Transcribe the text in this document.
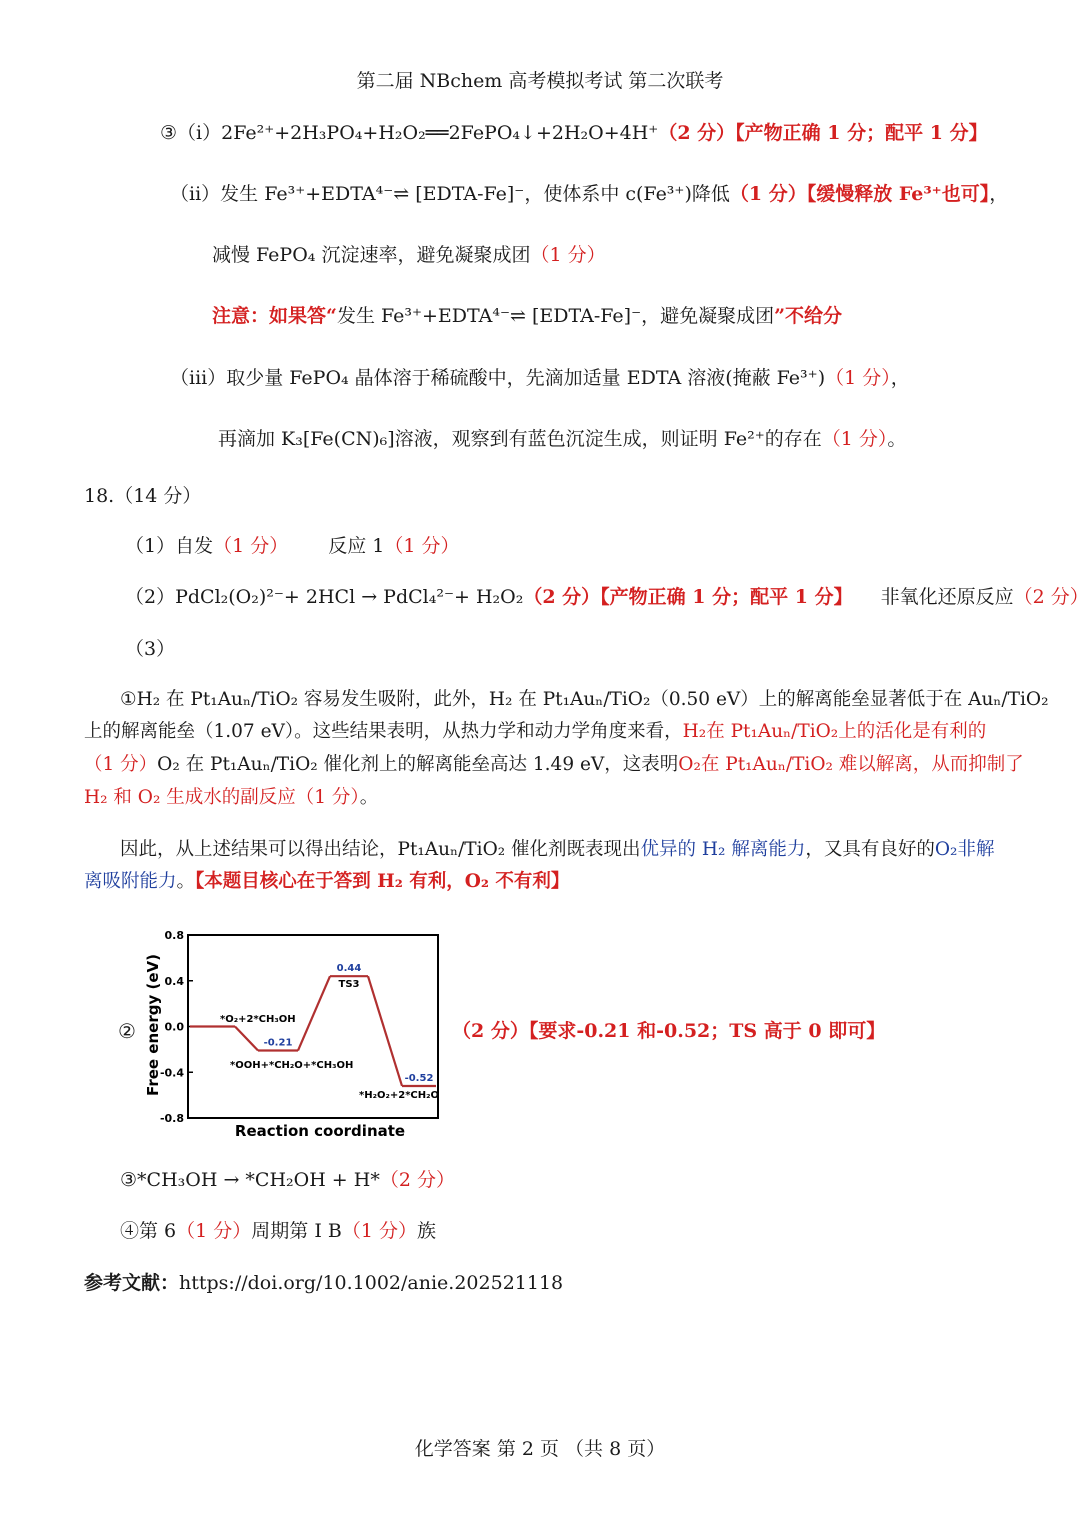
第二届 NBchem 高考模拟考试 第二次联考
③（i）2Fe²⁺+2H₃PO₄+H₂O₂══2FePO₄↓+2H₂O+4H⁺（2 分）【产物正确 1 分；配平 1 分】
（ii）发生 Fe³⁺+EDTA⁴⁻⇌ [EDTA-Fe]⁻，使体系中 c(Fe³⁺)降低（1 分）【缓慢释放 Fe³⁺也可】，
减慢 FePO₄ 沉淀速率，避免凝聚成团（1 分）
注意：如果答“发生 Fe³⁺+EDTA⁴⁻⇌ [EDTA-Fe]⁻，避免凝聚成团”不给分
（iii）取少量 FePO₄ 晶体溶于稀硫酸中，先滴加适量 EDTA 溶液(掩蔽 Fe³⁺)（1 分），
再滴加 K₃[Fe(CN)₆]溶液，观察到有蓝色沉淀生成，则证明 Fe²⁺的存在（1 分）。
18.（14 分）
（1）自发（1 分） 反应 1（1 分）
（2）PdCl₂(O₂)²⁻+ 2HCl → PdCl₄²⁻+ H₂O₂（2 分）【产物正确 1 分；配平 1 分】 非氧化还原反应（2 分）
（3）
①H₂ 在 Pt₁Auₙ/TiO₂ 容易发生吸附，此外，H₂ 在 Pt₁Auₙ/TiO₂（0.50 eV）上的解离能垒显著低于在 Auₙ/TiO₂
上的解离能垒（1.07 eV）。这些结果表明，从热力学和动力学角度来看，H₂在 Pt₁Auₙ/TiO₂上的活化是有利的
（1 分）O₂ 在 Pt₁Auₙ/TiO₂ 催化剂上的解离能垒高达 1.49 eV，这表明O₂在 Pt₁Auₙ/TiO₂ 难以解离，从而抑制了
H₂ 和 O₂ 生成水的副反应（1 分）。
因此，从上述结果可以得出结论，Pt₁Auₙ/TiO₂ 催化剂既表现出优异的 H₂ 解离能力，又具有良好的O₂非解
离吸附能力。【本题目核心在于答到 H₂ 有利，O₂ 不有利】
② Free energy (eV)
0.8
0.4
0.0
-0.4
-0.8
-0.21
0.44
-0.52
*O₂+2*CH₃OH
*OOH+*CH₂O+*CH₃OH
TS3
*H₂O₂+2*CH₂O
Reaction coordinate
（2 分）【要求-0.21 和-0.52；TS 高于 0 即可】
③*CH₃OH → *CH₂OH + H*（2 分）
④第 6（1 分）周期第 I B（1 分）族
参考文献：https://doi.org/10.1002/anie.202521118
化学答案 第 2 页 （共 8 页）
